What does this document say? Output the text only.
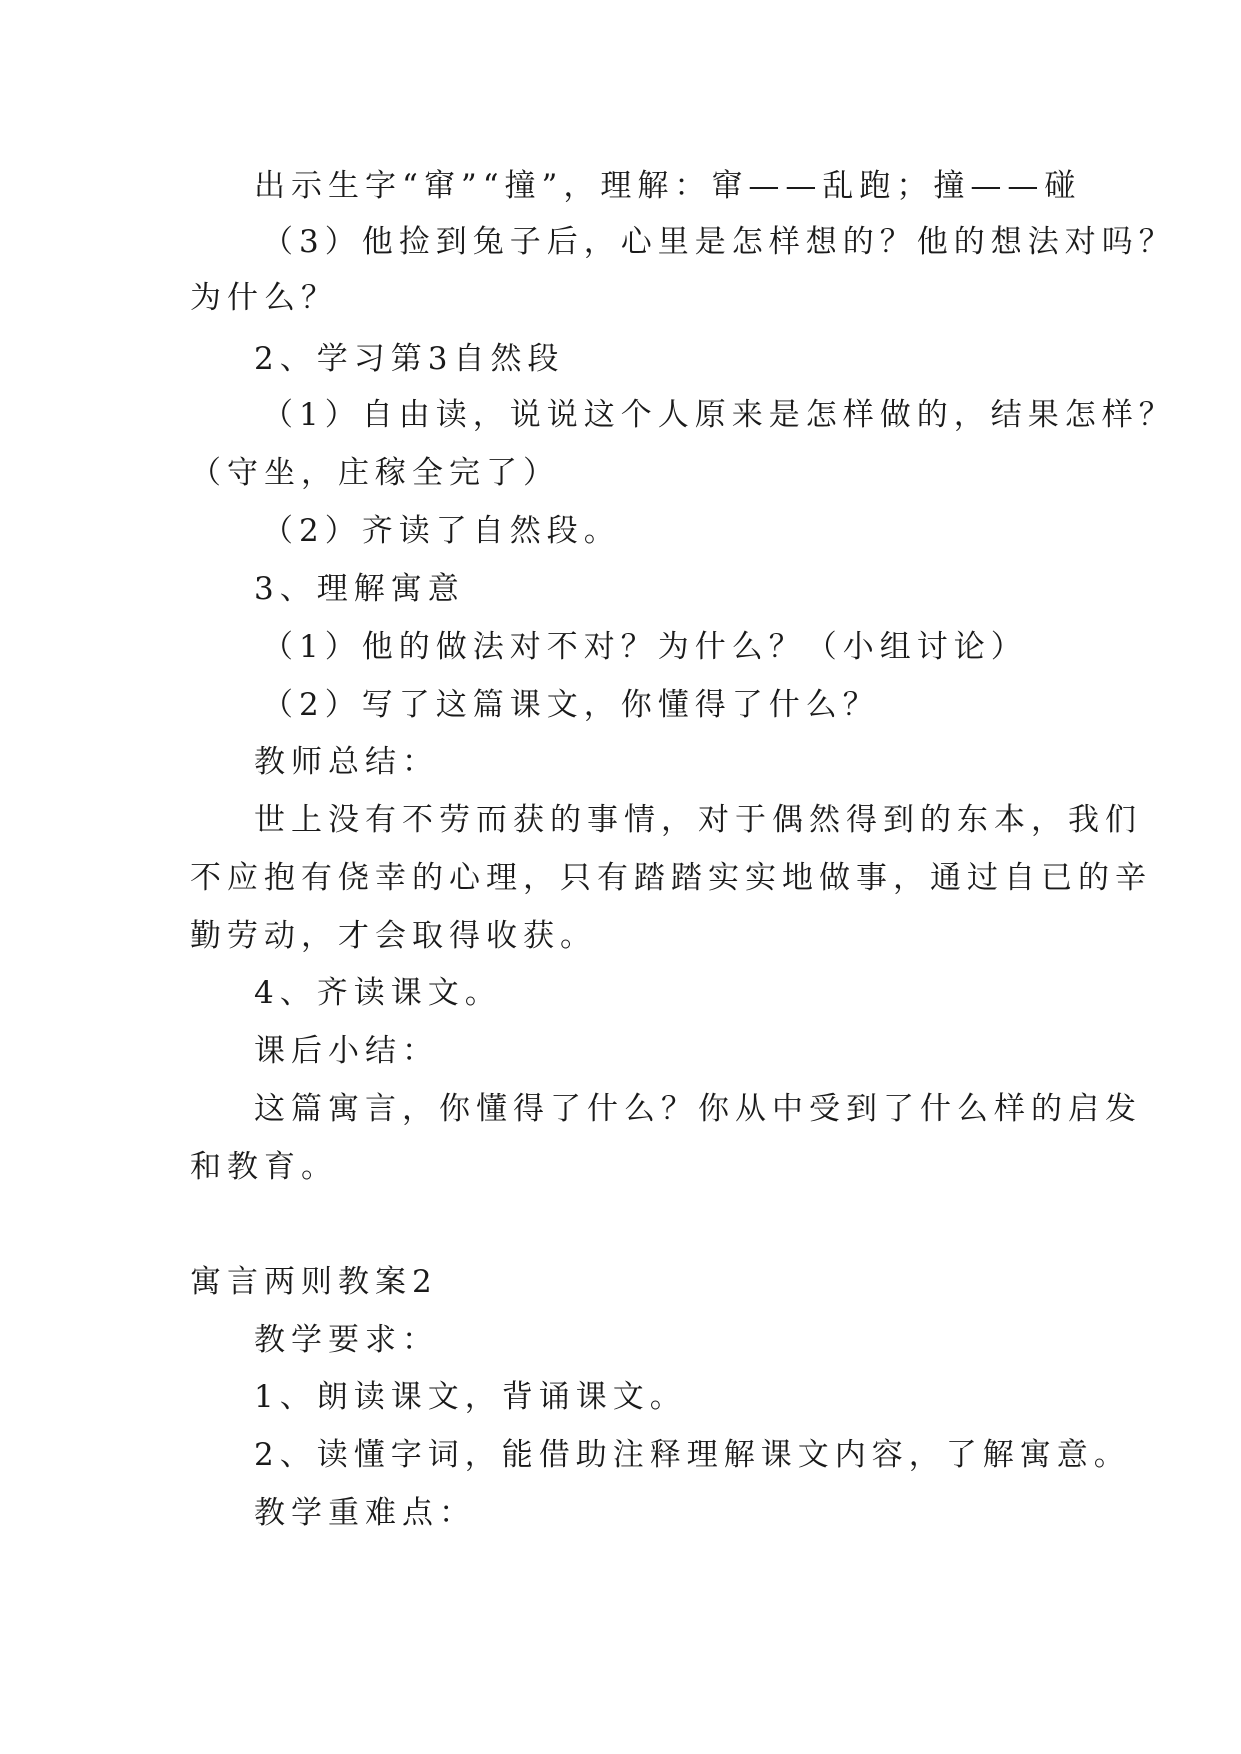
出示生字“窜”“撞”，理解：窜——乱跑；撞——碰
（3）他捡到兔子后，心里是怎样想的？他的想法对吗？
为什么？
2、学习第3自然段
（1）自由读，说说这个人原来是怎样做的，结果怎样？
（守坐，庄稼全完了）
（2）齐读了自然段。
3、理解寓意
（1）他的做法对不对？为什么？（小组讨论）
（2）写了这篇课文，你懂得了什么？
教师总结：
世上没有不劳而获的事情，对于偶然得到的东本，我们
不应抱有侥幸的心理，只有踏踏实实地做事，通过自已的辛
勤劳动，才会取得收获。
4、齐读课文。
课后小结：
这篇寓言，你懂得了什么？你从中受到了什么样的启发
和教育。
寓言两则教案2
教学要求：
1、朗读课文，背诵课文。
2、读懂字词，能借助注释理解课文内容，了解寓意。
教学重难点：
